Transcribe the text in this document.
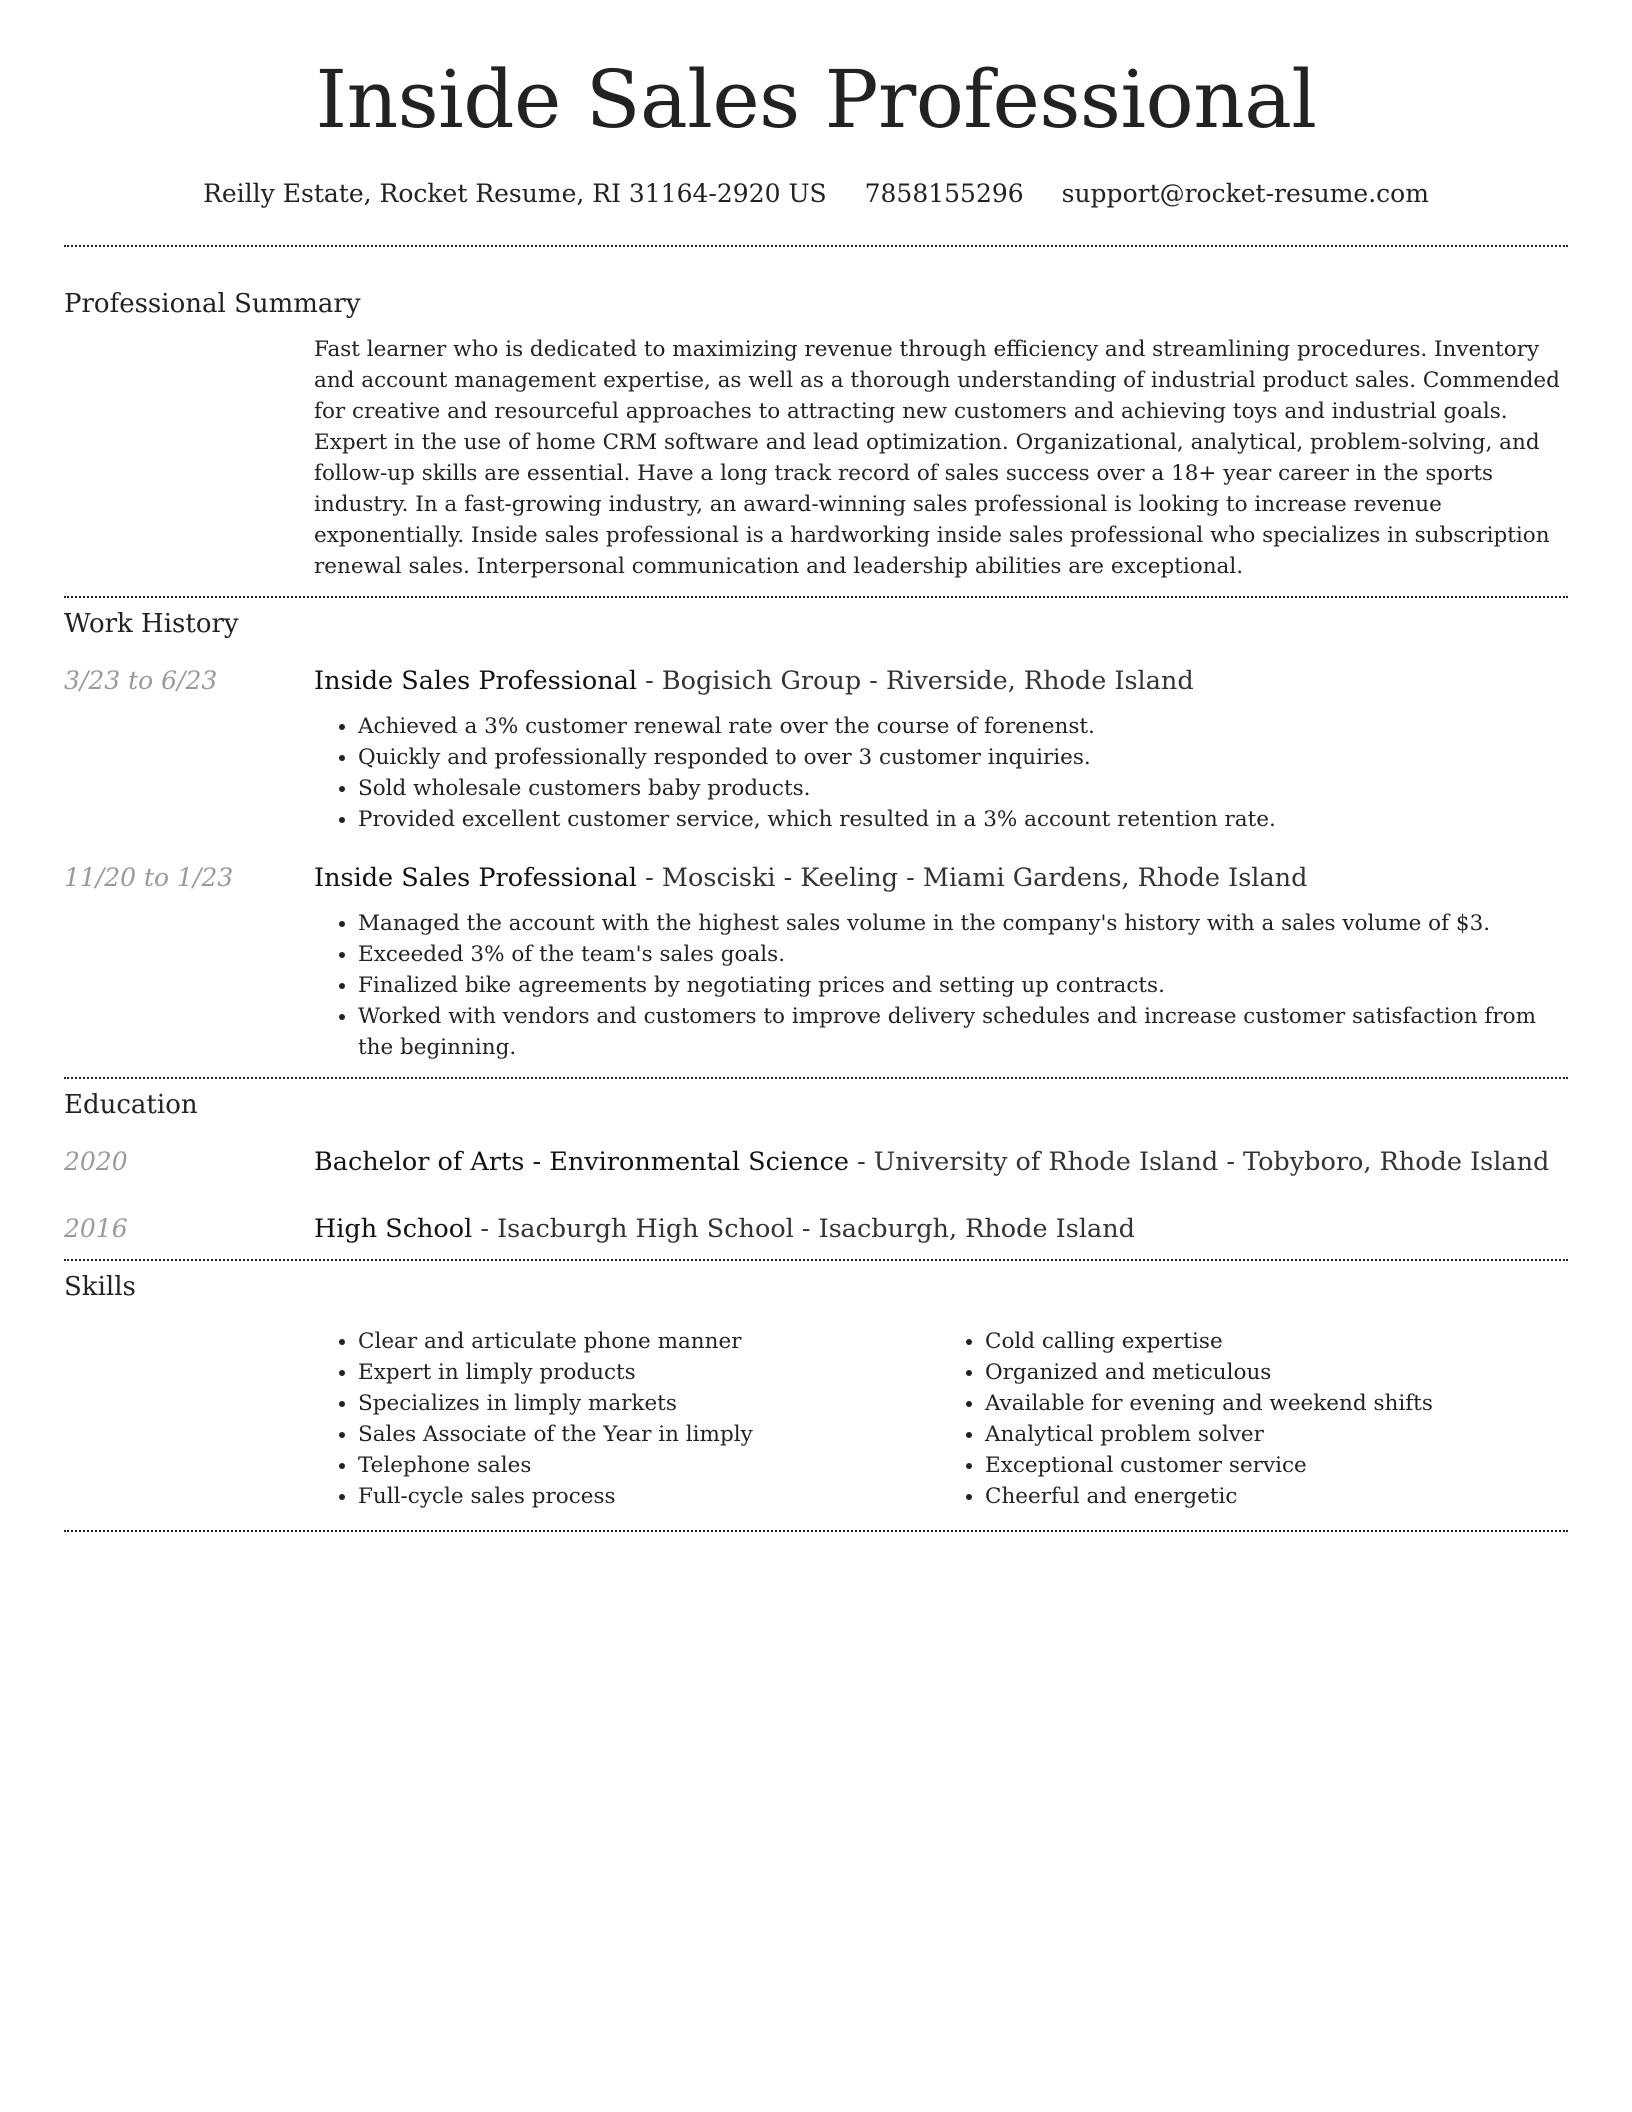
Inside Sales Professional
Reilly Estate, Rocket Resume, RI 31164-2920 US 7858155296 support@rocket-resume.com
Professional Summary

Fast learner who is dedicated to maximizing revenue through efficiency and streamlining procedures. Inventory and account management expertise, as well as a thorough understanding of industrial product sales. Commended for creative and resourceful approaches to attracting new customers and achieving toys and industrial goals. Expert in the use of home CRM software and lead optimization. Organizational, analytical, problem-solving, and follow-up skills are essential. Have a long track record of sales success over a 18+ year career in the sports industry. In a fast-growing industry, an award-winning sales professional is looking to increase revenue exponentially. Inside sales professional is a hardworking inside sales professional who specializes in subscription renewal sales. Interpersonal communication and leadership abilities are exceptional.

Work History
3/23 to 6/23	Inside Sales Professional - Bogisich Group - Riverside, Rhode Island

• Achieved a 3% customer renewal rate over the course of forenenst.
• Quickly and professionally responded to over 3 customer inquiries.
• Sold wholesale customers baby products.
• Provided excellent customer service, which resulted in a 3% account retention rate.
11/20 to 1/23	Inside Sales Professional - Mosciski - Keeling - Miami Gardens, Rhode Island

• Managed the account with the highest sales volume in the company's history with a sales volume of $3.
• Exceeded 3% of the team's sales goals.
• Finalized bike agreements by negotiating prices and setting up contracts.
• Worked with vendors and customers to improve delivery schedules and increase customer satisfaction from the beginning.
Education
2020	Bachelor of Arts - Environmental Science - University of Rhode Island - Tobyboro, Rhode Island

2016	High School - Isacburgh High School - Isacburgh, Rhode Island

Skills
• Clear and articulate phone manner
• Expert in limply products
• Specializes in limply markets
• Sales Associate of the Year in limply
• Telephone sales
• Full-cycle sales process
• Cold calling expertise
• Organized and meticulous
• Available for evening and weekend shifts
• Analytical problem solver
• Exceptional customer service
• Cheerful and energetic
